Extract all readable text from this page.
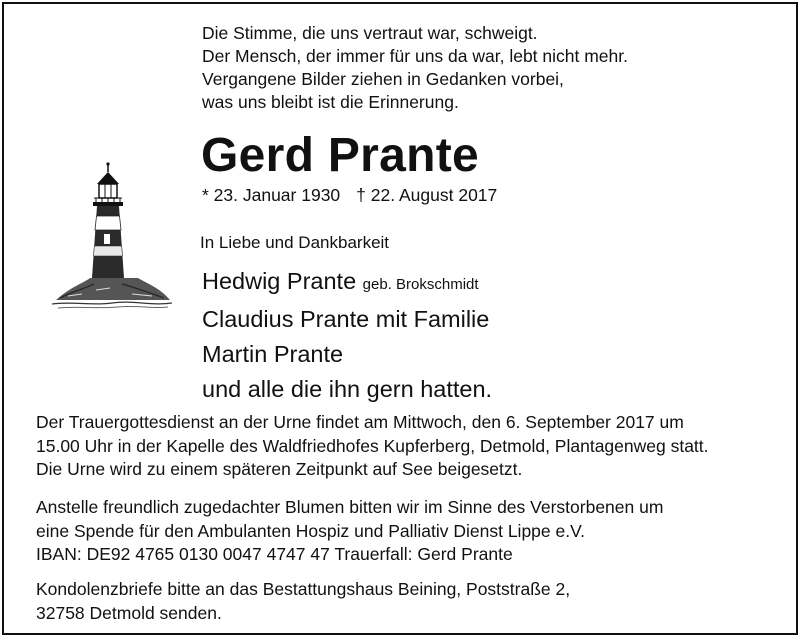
Die Stimme, die uns vertraut war, schweigt.
Der Mensch, der immer für uns da war, lebt nicht mehr.
Vergangene Bilder ziehen in Gedanken vorbei,
was uns bleibt ist die Erinnerung.
Gerd Prante
* 23. Januar 1930 † 22. August 2017
In Liebe und Dankbarkeit
Hedwig Prante geb. Brokschmidt
Claudius Prante mit Familie
Martin Prante
und alle die ihn gern hatten.
Der Trauergottesdienst an der Urne findet am Mittwoch, den 6. September 2017 um
15.00 Uhr in der Kapelle des Waldfriedhofes Kupferberg, Detmold, Plantagenweg statt.
Die Urne wird zu einem späteren Zeitpunkt auf See beigesetzt.
Anstelle freundlich zugedachter Blumen bitten wir im Sinne des Verstorbenen um
eine Spende für den Ambulanten Hospiz und Palliativ Dienst Lippe e.V.
IBAN: DE92 4765 0130 0047 4747 47 Trauerfall: Gerd Prante
Kondolenzbriefe bitte an das Bestattungshaus Beining, Poststraße 2,
32758 Detmold senden.
